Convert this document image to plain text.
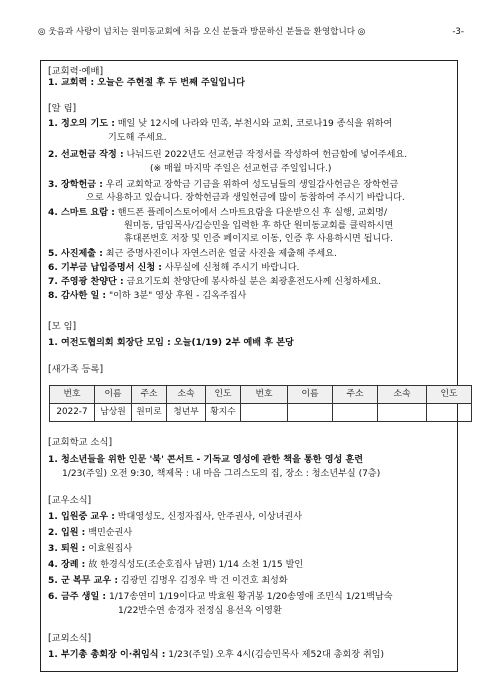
◎ 웃음과 사랑이 넘치는 원미동교회에 처음 오신 분들과 방문하신 분들을 환영합니다 ◎	-3-
[교회력·예배]
1. 교회력 : 오늘은 주현절 후 두 번째 주일입니다
[알 림]
1. 정오의 기도 : 매일 낮 12시에 나라와 민족, 부천시와 교회, 코로나19 종식을 위하여
기도해 주세요.
2. 선교헌금 작정 : 나눠드린 2022년도 선교헌금 작정서를 작성하여 헌금함에 넣어주세요.
(※ 매월 마지막 주일은 선교헌금 주일입니다.)
3. 장학헌금 : 우리 교회학교 장학금 기금을 위하여 성도님들의 생일감사헌금은 장학헌금
으로 사용하고 있습니다. 장학헌금과 생일헌금에 많이 동참하여 주시기 바랍니다.
4. 스마트 요람 : 핸드폰 플레이스토어에서 스마트요람을 다운받으신 후 실행, 교회명/
원미동, 담임목사/김승민을 입력한 후 하단 원미동교회를 클릭하시면
휴대폰번호 저장 및 인증 페이지로 이동, 인증 후 사용하시면 됩니다.
5. 사진제출 : 최근 증명사진이나 자연스러운 얼굴 사진을 제출해 주세요.
6. 기부금 납입증명서 신청 : 사무실에 신청해 주시기 바랍니다.
7. 주영광 찬양단 : 금요기도회 찬양단에 봉사하실 분은 최광훈전도사께 신청하세요.
8. 감사한 일 : "이하 3분" 영상 후원 - 김옥주집사
[모 임]
1. 여전도협의회 회장단 모임 : 오늘(1/19) 2부 예배 후 본당
[새가족 등록]
번호	이름	주소	소속	인도	번호	이름	주소	소속	인도
2022-7	남상원	원미로	청년부	황지수					
[교회학교 소식]
1. 청소년들을 위한 인문 '북' 콘서트 - 기독교 영성에 관한 책을 통한 영성 훈련
1/23(주일) 오전 9:30, 책제목 : 내 마음 그리스도의 집, 장소 : 청소년부실 (7층)
[교우소식]
1. 입원중 교우 : 박대영성도, 신정자집사, 안주권사, 이상녀권사
2. 입원 : 백민순권사
3. 퇴원 : 이효원집사
4. 장례 : 故 한경식성도(조순호집사 남편) 1/14 소천 1/15 발인
5. 군 복무 교우 : 김광민 김명우 김정우 박 건 이건호 최성화
6. 금주 생일 : 1/17송연미 1/19이다교 박효원 황귀봉 1/20송영애 조민식 1/21백남숙
1/22반수연 송경자 전정심 용선옥 이영환
[교외소식]
1. 부기총 총회장 이·취임식 : 1/23(주일) 오후 4시(김승민목사 제52대 총회장 취임)
